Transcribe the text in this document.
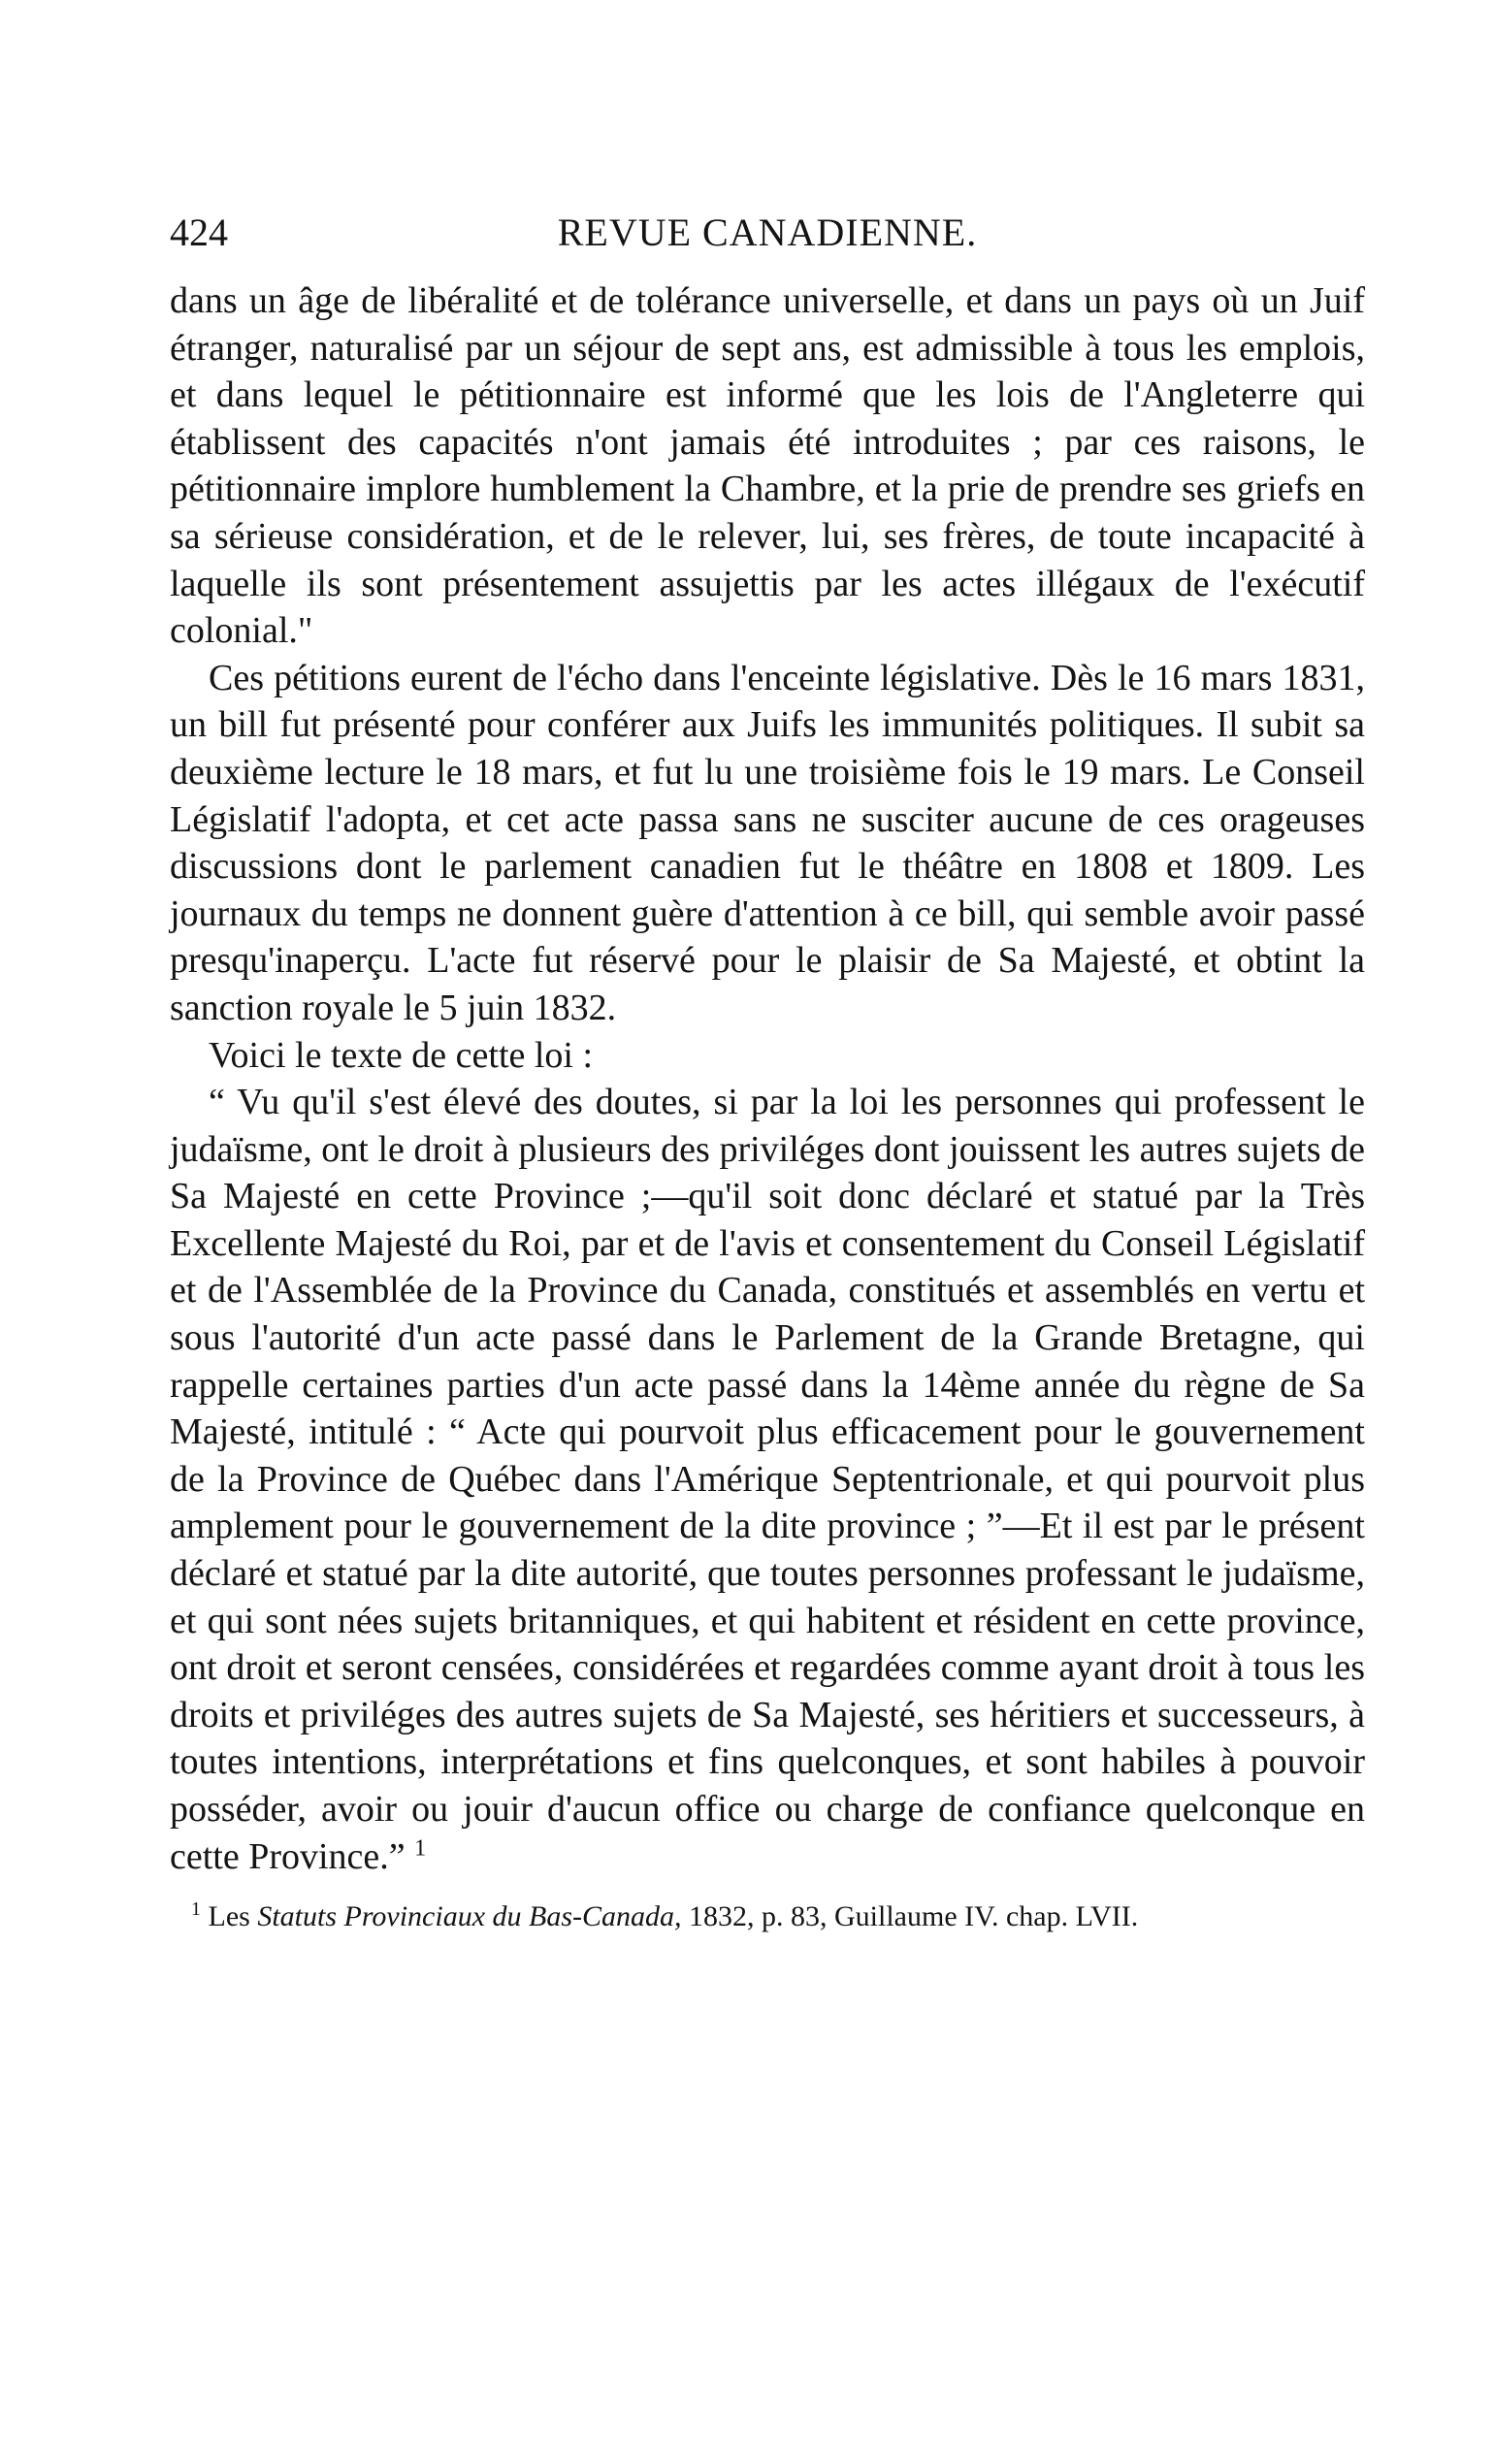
424	REVUE CANADIENNE.

dans un âge de libéralité et de tolérance universelle, et dans un pays où un Juif étranger, naturalisé par un séjour de sept ans, est admissible à tous les emplois, et dans lequel le pétitionnaire est informé que les lois de l'Angleterre qui établissent des capacités n'ont jamais été introduites ; par ces raisons, le pétitionnaire implore humblement la Chambre, et la prie de prendre ses griefs en sa sérieuse considération, et de le relever, lui, ses frères, de toute incapacité à laquelle ils sont présentement assujettis par les actes illégaux de l'exécutif colonial."

Ces pétitions eurent de l'écho dans l'enceinte législative. Dès le 16 mars 1831, un bill fut présenté pour conférer aux Juifs les immunités politiques. Il subit sa deuxième lecture le 18 mars, et fut lu une troisième fois le 19 mars. Le Conseil Législatif l'adopta, et cet acte passa sans ne susciter aucune de ces orageuses discussions dont le parlement canadien fut le théâtre en 1808 et 1809. Les journaux du temps ne donnent guère d'attention à ce bill, qui semble avoir passé presqu'inaperçu. L'acte fut réservé pour le plaisir de Sa Majesté, et obtint la sanction royale le 5 juin 1832.

Voici le texte de cette loi :

“ Vu qu'il s'est élevé des doutes, si par la loi les personnes qui professent le judaïsme, ont le droit à plusieurs des priviléges dont jouissent les autres sujets de Sa Majesté en cette Province ;—qu'il soit donc déclaré et statué par la Très Excellente Majesté du Roi, par et de l'avis et consentement du Conseil Législatif et de l'Assemblée de la Province du Canada, constitués et assemblés en vertu et sous l'autorité d'un acte passé dans le Parlement de la Grande Bretagne, qui rappelle certaines parties d'un acte passé dans la 14ème année du règne de Sa Majesté, intitulé : “ Acte qui pourvoit plus efficacement pour le gouvernement de la Province de Québec dans l'Amérique Septentrionale, et qui pourvoit plus amplement pour le gouvernement de la dite province ; ”—Et il est par le présent déclaré et statué par la dite autorité, que toutes personnes professant le judaïsme, et qui sont nées sujets britanniques, et qui habitent et résident en cette province, ont droit et seront censées, considérées et regardées comme ayant droit à tous les droits et priviléges des autres sujets de Sa Majesté, ses héritiers et successeurs, à toutes intentions, interprétations et fins quelconques, et sont habiles à pouvoir posséder, avoir ou jouir d'aucun office ou charge de confiance quelconque en cette Province.” $^1$

$^1$ Les Statuts Provinciaux du Bas-Canada, 1832, p. 83, Guillaume IV. chap. LVII.
